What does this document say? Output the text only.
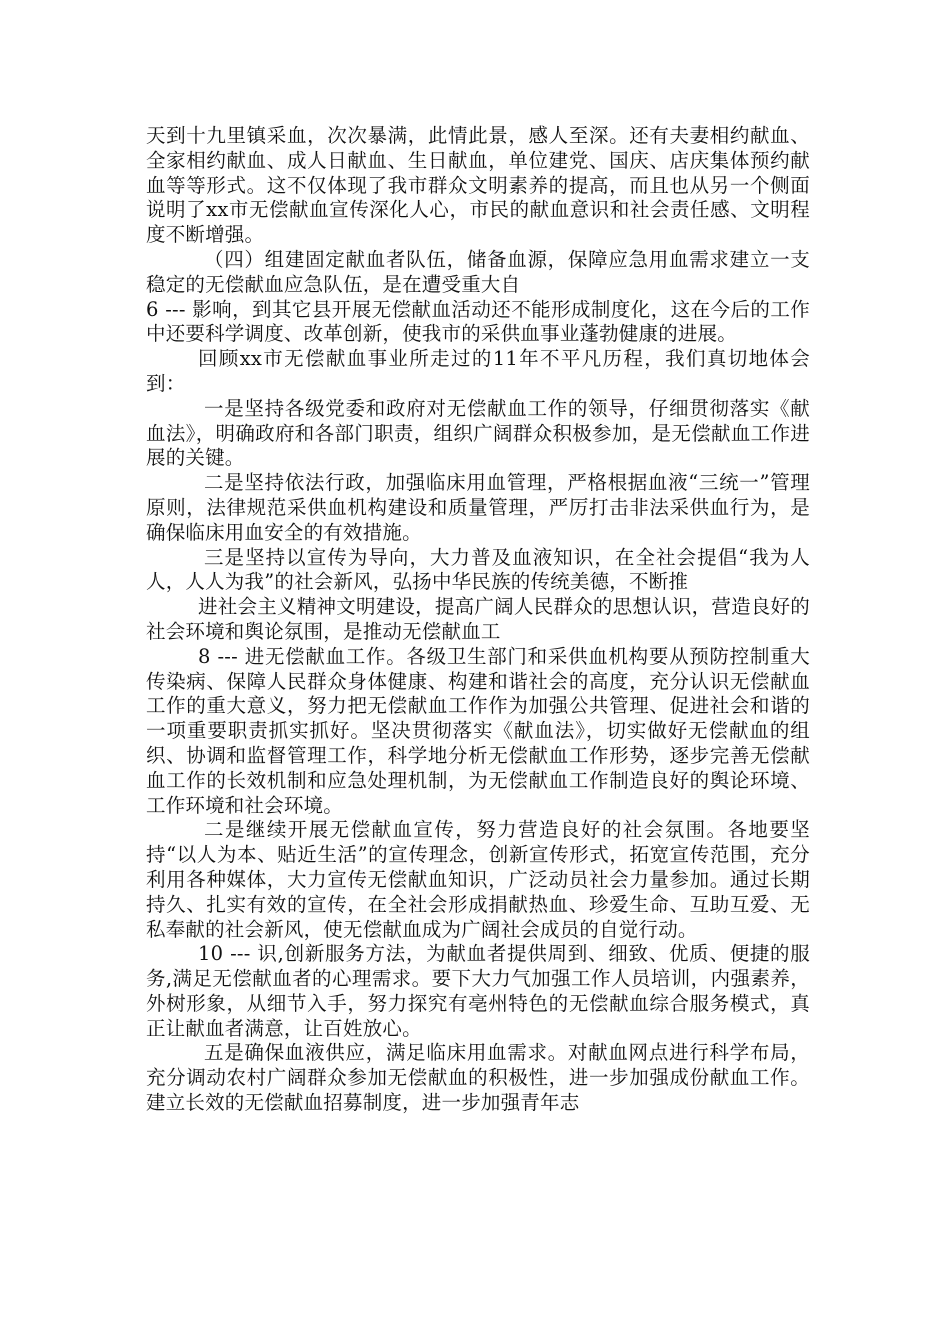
天到十九里镇采血，次次暴满，此情此景，感人至深。还有夫妻相约献血、全家相约献血、成人日献血、生日献血，单位建党、国庆、店庆集体预约献血等等形式。这不仅体现了我市群众文明素养的提高，而且也从另一个侧面说明了xx市无偿献血宣传深化人心，市民的献血意识和社会责任感、文明程度不断增强。

（四）组建固定献血者队伍，储备血源，保障应急用血需求建立一支稳定的无偿献血应急队伍，是在遭受重大自

6 --- 影响，到其它县开展无偿献血活动还不能形成制度化，这在今后的工作中还要科学调度、改革创新，使我市的采供血事业蓬勃健康的进展。

回顾xx市无偿献血事业所走过的11年不平凡历程，我们真切地体会到：

一是坚持各级党委和政府对无偿献血工作的领导，仔细贯彻落实《献血法》，明确政府和各部门职责，组织广阔群众积极参加，是无偿献血工作进展的关键。

二是坚持依法行政，加强临床用血管理，严格根据血液“三统一”管理原则，法律规范采供血机构建设和质量管理，严厉打击非法采供血行为，是确保临床用血安全的有效措施。

三是坚持以宣传为导向，大力普及血液知识，在全社会提倡“我为人人，人人为我”的社会新风，弘扬中华民族的传统美德，不断推

进社会主义精神文明建设，提高广阔人民群众的思想认识，营造良好的社会环境和舆论氛围，是推动无偿献血工

8 --- 进无偿献血工作。各级卫生部门和采供血机构要从预防控制重大传染病、保障人民群众身体健康、构建和谐社会的高度，充分认识无偿献血工作的重大意义，努力把无偿献血工作作为加强公共管理、促进社会和谐的一项重要职责抓实抓好。坚决贯彻落实《献血法》，切实做好无偿献血的组织、协调和监督管理工作，科学地分析无偿献血工作形势，逐步完善无偿献血工作的长效机制和应急处理机制，为无偿献血工作制造良好的舆论环境、工作环境和社会环境。

二是继续开展无偿献血宣传，努力营造良好的社会氛围。各地要坚持“以人为本、贴近生活”的宣传理念，创新宣传形式，拓宽宣传范围，充分利用各种媒体，大力宣传无偿献血知识，广泛动员社会力量参加。通过长期持久、扎实有效的宣传，在全社会形成捐献热血、珍爱生命、互助互爱、无私奉献的社会新风，使无偿献血成为广阔社会成员的自觉行动。

10 --- 识,创新服务方法，为献血者提供周到、细致、优质、便捷的服务,满足无偿献血者的心理需求。要下大力气加强工作人员培训，内强素养，外树形象，从细节入手，努力探究有亳州特色的无偿献血综合服务模式，真正让献血者满意，让百姓放心。

五是确保血液供应，满足临床用血需求。对献血网点进行科学布局，充分调动农村广阔群众参加无偿献血的积极性，进一步加强成份献血工作。建立长效的无偿献血招募制度，进一步加强青年志
